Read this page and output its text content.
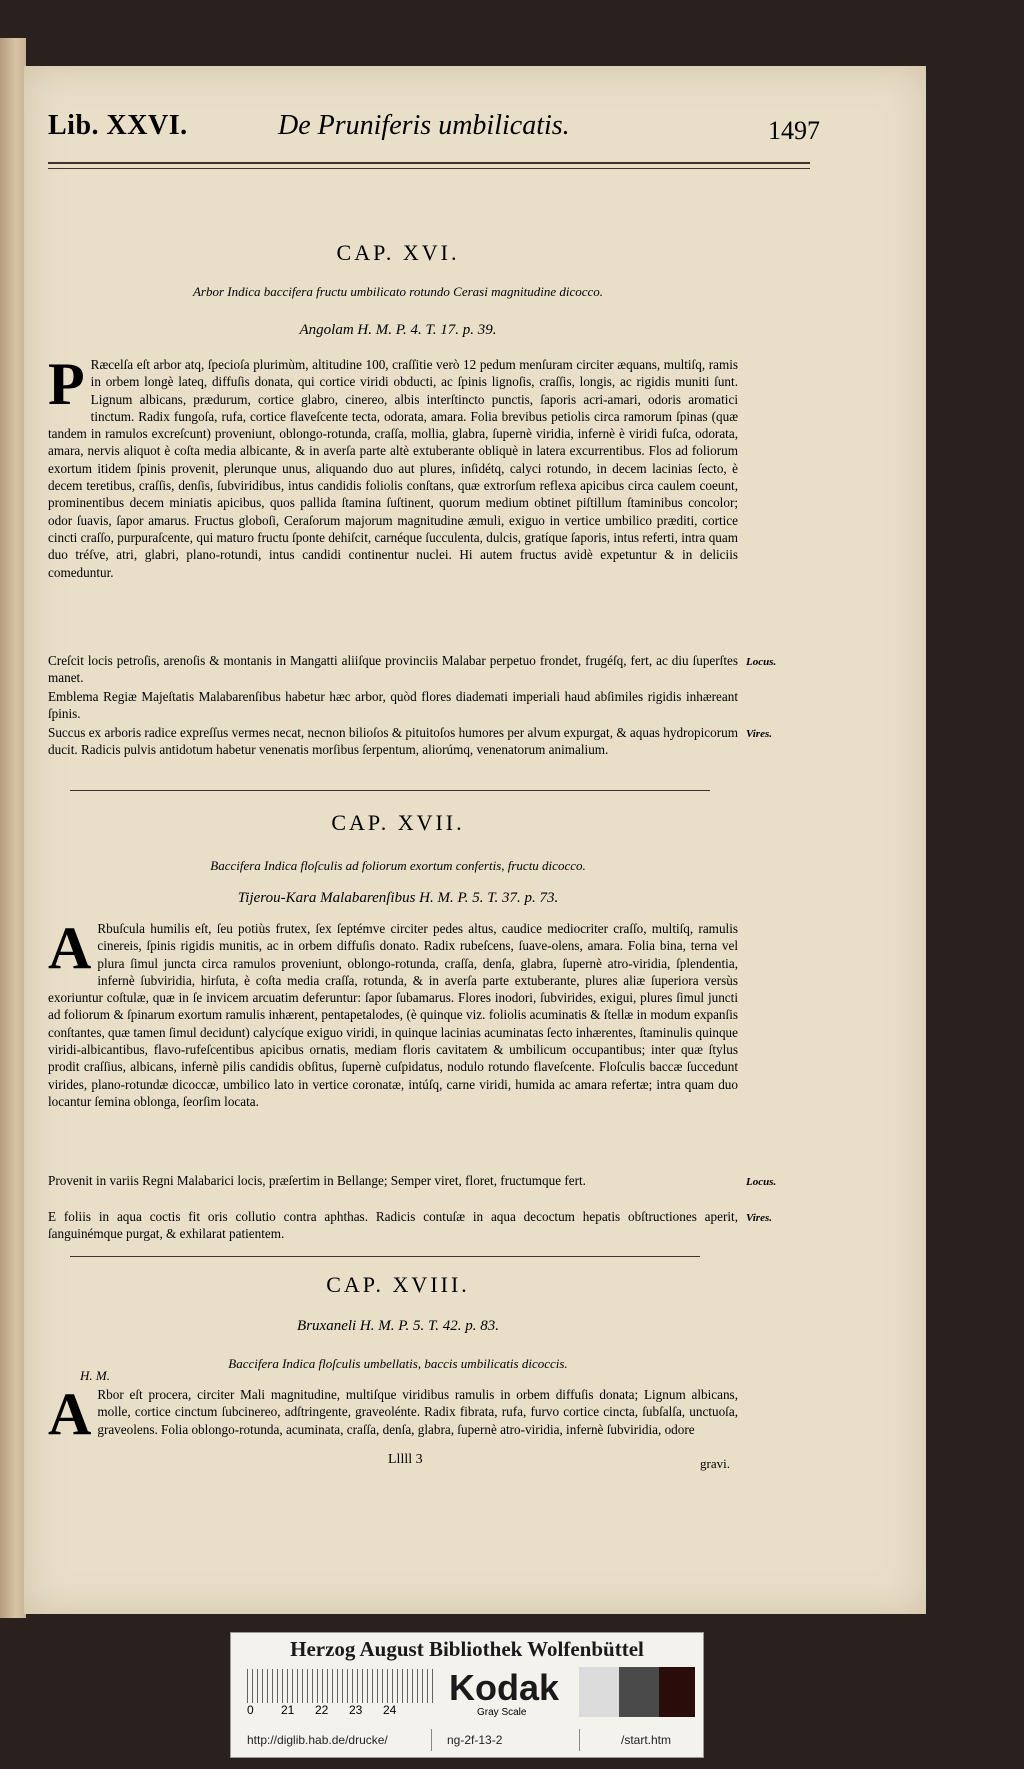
Lib. XXVI.	De Pruniferis umbilicatis.	1497
CAP. XVI.
Arbor Indica baccifera fructu umbilicato rotundo Cerasi magnitudine dicocco.
Angolam H. M. P. 4. T. 17. p. 39.
P Ræcelſa eſt arbor atq, ſpecioſa plurimùm, altitudine 100, craſſitie verò 12 pedum menſuram circiter æquans, multiſq, ramis in orbem longè lateq, diffuſis donata, qui cortice viridi obducti, ac ſpinis lignoſis, craſſis, longis, ac rigidis muniti ſunt. Lignum albicans, prædurum, cortice glabro, cinereo, albis interſtincto punctis, ſaporis acri-amari, odoris aromatici tinctum. Radix fungoſa, rufa, cortice flaveſcente tecta, odorata, amara. Folia brevibus petiolis circa ramorum ſpinas (quæ tandem in ramulos excreſcunt) proveniunt, oblongo-rotunda, craſſa, mollia, glabra, ſupernè viridia, infernè è viridi fuſca, odorata, amara, nervis aliquot è coſta media albicante, & in averſa parte altè extuberante obliquè in latera excurrentibus. Flos ad foliorum exortum itidem ſpinis provenit, plerunque unus, aliquando duo aut plures, inſidétq, calyci rotundo, in decem lacinias ſecto, è decem teretibus, craſſis, denſis, ſubviridibus, intus candidis foliolis conſtans, quæ extrorſum reflexa apicibus circa caulem coeunt, prominentibus decem miniatis apicibus, quos pallida ſtamina ſuſtinent, quorum medium obtinet piſtillum ſtaminibus concolor; odor ſuavis, ſapor amarus. Fructus globoſi, Ceraſorum majorum magnitudine æmuli, exiguo in vertice umbilico præditi, cortice cincti craſſo, purpuraſcente, qui maturo fructu ſponte dehiſcit, carnéque ſucculenta, dulcis, gratíque ſaporis, intus referti, intra quam duo tréſve, atri, glabri, plano-rotundi, intus candidi continentur nuclei. Hi autem fructus avidè expetuntur & in deliciis comeduntur.

Creſcit locis petroſis, arenoſis & montanis in Mangatti aliiſque provinciis Malabar perpetuo frondet, frugéſq, fert, ac diu ſuperſtes manet.

Locus.

Emblema Regiæ Majeſtatis Malabarenſibus habetur hæc arbor, quòd flores diademati imperiali haud abſimiles rigidis inhæreant ſpinis.

Succus ex arboris radice expreſſus vermes necat, necnon bilioſos & pituitoſos humores per alvum expurgat, & aquas hydropicorum ducit. Radicis pulvis antidotum habetur venenatis morſibus ſerpentum, aliorúmq, venenatorum animalium.

Vires.
CAP. XVII.
Baccifera Indica floſculis ad foliorum exortum confertis, fructu dicocco.
Tijerou-Kara Malabarenſibus H. M. P. 5. T. 37. p. 73.
A Rbuſcula humilis eſt, ſeu potiùs frutex, ſex ſeptémve circiter pedes altus, caudice mediocriter craſſo, multiſq, ramulis cinereis, ſpinis rigidis munitis, ac in orbem diffuſis donato. Radix rubeſcens, ſuave-olens, amara. Folia bina, terna vel plura ſimul juncta circa ramulos proveniunt, oblongo-rotunda, craſſa, denſa, glabra, ſupernè atro-viridia, ſplendentia, infernè ſubviridia, hirſuta, è coſta media craſſa, rotunda, & in averſa parte extuberante, plures aliæ ſuperiora versùs exoriuntur coſtulæ, quæ in ſe invicem arcuatim deferuntur: ſapor ſubamarus. Flores inodori, ſubvirides, exigui, plures ſimul juncti ad foliorum & ſpinarum exortum ramulis inhærent, pentapetalodes, (è quinque viz. foliolis acuminatis & ſtellæ in modum expanſis conſtantes, quæ tamen ſimul decidunt) calycíque exiguo viridi, in quinque lacinias acuminatas ſecto inhærentes, ſtaminulis quinque viridi-albicantibus, flavo-rufeſcentibus apicibus ornatis, mediam floris cavitatem & umbilicum occupantibus; inter quæ ſtylus prodit craſſius, albicans, infernè pilis candidis obſitus, ſupernè cuſpidatus, nodulo rotundo flaveſcente. Floſculis baccæ ſuccedunt virides, plano-rotundæ dicoccæ, umbilico lato in vertice coronatæ, intúſq, carne viridi, humida ac amara refertæ; intra quam duo locantur ſemina oblonga, ſeorſim locata.

Provenit in variis Regni Malabarici locis, præſertim in Bellange; Semper viret, floret, fructumque fert.	Locus.

E foliis in aqua coctis fit oris collutio contra aphthas. Radicis contuſæ in aqua decoctum hepatis obſtructiones aperit, ſanguinémque purgat, & exhilarat patientem.

Vires.
CAP. XVIII.
Bruxaneli H. M. P. 5. T. 42. p. 83.
Baccifera Indica floſculis umbellatis, baccis umbilicatis dicoccis.
H. M.
A Rbor eſt procera, circiter Mali magnitudine, multiſque viridibus ramulis in orbem diffuſis donata; Lignum albicans, molle, cortice cinctum ſubcinereo, adſtringente, graveolénte. Radix fibrata, rufa, furvo cortice cincta, ſubſalſa, unctuoſa, graveolens. Folia oblongo-rotunda, acuminata, craſſa, denſa, glabra, ſupernè atro-viridia, infernè ſubviridia, odore
Lllll 3	gravi.
Herzog August Bibliothek Wolfenbüttel
0 21 22 23 24
Kodak
Gray Scale
http://diglib.hab.de/drucke/	ng-2f-13-2	/start.htm
